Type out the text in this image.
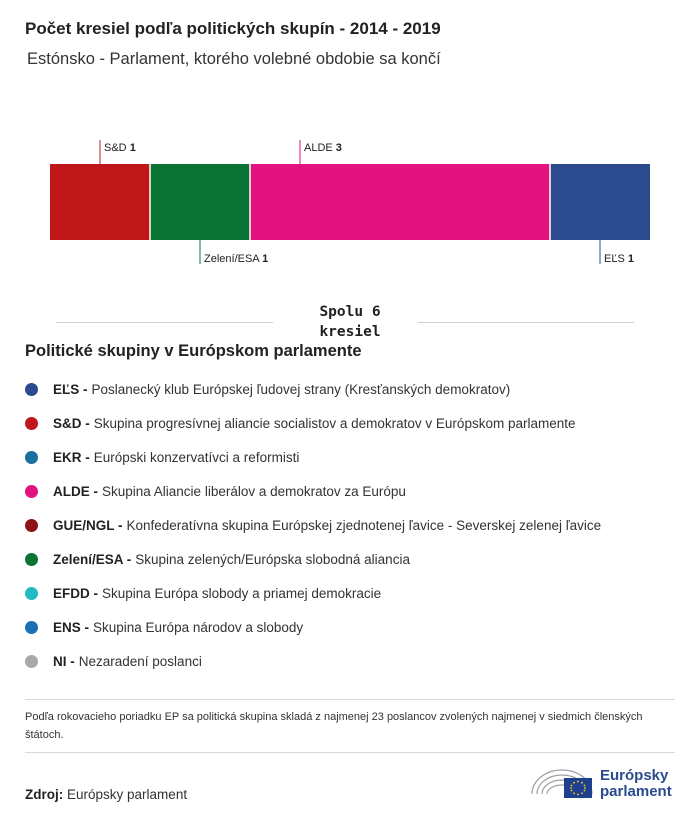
Počet kresiel podľa politických skupín - 2014 - 2019
Estónsko - Parlament, ktorého volebné obdobie sa končí
S&D 1
Zelení/ESA 1
ALDE 3
EĽS 1
Spolu 6
kresiel
Politické skupiny v Európskom parlamente
EĽS - Poslanecký klub Európskej ľudovej strany (Kresťanských demokratov)
S&D - Skupina progresívnej aliancie socialistov a demokratov v Európskom parlamente
EKR - Európski konzervatívci a reformisti
ALDE - Skupina Aliancie liberálov a demokratov za Európu
GUE/NGL - Konfederatívna skupina Európskej zjednotenej ľavice - Severskej zelenej ľavice
Zelení/ESA - Skupina zelených/Európska slobodná aliancia
EFDD - Skupina Európa slobody a priamej demokracie
ENS - Skupina Európa národov a slobody
NI - Nezaradení poslanci
Podľa rokovacieho poriadku EP sa politická skupina skladá z najmenej 23 poslancov zvolených najmenej v siedmich členských štátoch.
Zdroj: Európsky parlament
Európsky
parlament
